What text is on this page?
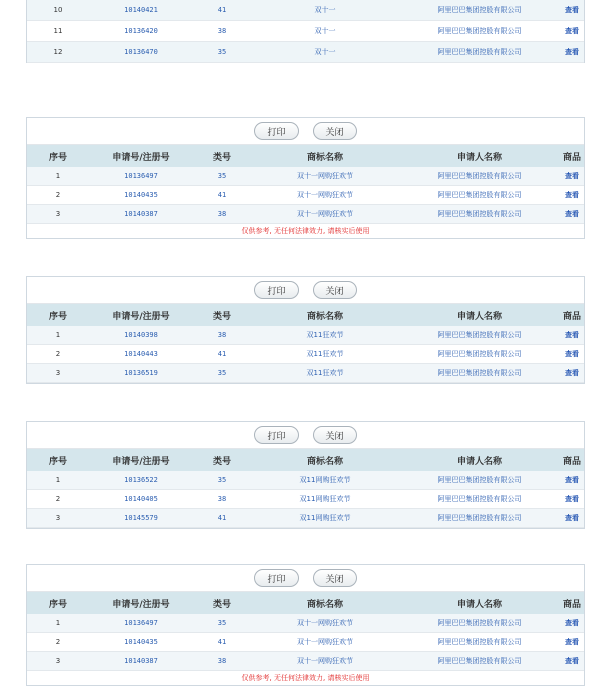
10	10140421	41	双十一	阿里巴巴集团控股有限公司	查看
11	10136420	38	双十一	阿里巴巴集团控股有限公司	查看
12	10136470	35	双十一	阿里巴巴集团控股有限公司	查看
打印	关闭
序号	申请号/注册号	类号	商标名称	申请人名称	商品
1	10136497	35	双十一网购狂欢节	阿里巴巴集团控股有限公司	查看
2	10140435	41	双十一网购狂欢节	阿里巴巴集团控股有限公司	查看
3	10140387	38	双十一网购狂欢节	阿里巴巴集团控股有限公司	查看
仅供参考, 无任何法律效力, 请核实后使用
打印	关闭
序号	申请号/注册号	类号	商标名称	申请人名称	商品
1	10140398	38	双11狂欢节	阿里巴巴集团控股有限公司	查看
2	10140443	41	双11狂欢节	阿里巴巴集团控股有限公司	查看
3	10136519	35	双11狂欢节	阿里巴巴集团控股有限公司	查看
打印	关闭
序号	申请号/注册号	类号	商标名称	申请人名称	商品
1	10136522	35	双11网购狂欢节	阿里巴巴集团控股有限公司	查看
2	10140405	38	双11网购狂欢节	阿里巴巴集团控股有限公司	查看
3	10145579	41	双11网购狂欢节	阿里巴巴集团控股有限公司	查看
打印	关闭
序号	申请号/注册号	类号	商标名称	申请人名称	商品
1	10136497	35	双十一网购狂欢节	阿里巴巴集团控股有限公司	查看
2	10140435	41	双十一网购狂欢节	阿里巴巴集团控股有限公司	查看
3	10140387	38	双十一网购狂欢节	阿里巴巴集团控股有限公司	查看
仅供参考, 无任何法律效力, 请核实后使用
